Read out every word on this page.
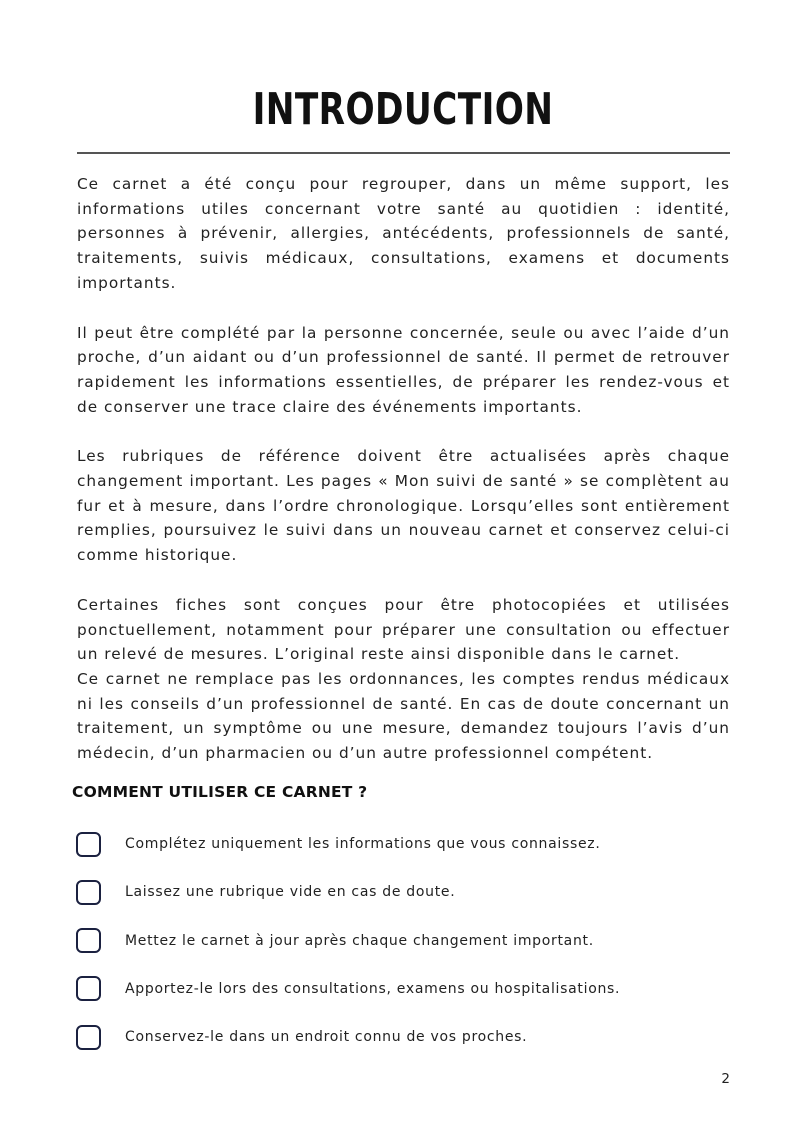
INTRODUCTION

Ce carnet a été conçu pour regrouper, dans un même support, les informations utiles concernant votre santé au quotidien : identité, personnes à prévenir, allergies, antécédents, professionnels de santé, traitements, suivis médicaux, consultations, examens et documents importants.

Il peut être complété par la personne concernée, seule ou avec l’aide d’un proche, d’un aidant ou d’un professionnel de santé. Il permet de retrouver rapidement les informations essentielles, de préparer les rendez-vous et de conserver une trace claire des événements importants.

Les rubriques de référence doivent être actualisées après chaque changement important. Les pages « Mon suivi de santé » se complètent au fur et à mesure, dans l’ordre chronologique. Lorsqu’elles sont entièrement remplies, poursuivez le suivi dans un nouveau carnet et conservez celui-ci comme historique.

Certaines fiches sont conçues pour être photocopiées et utilisées ponctuellement, notamment pour préparer une consultation ou effectuer un relevé de mesures. L’original reste ainsi disponible dans le carnet.

Ce carnet ne remplace pas les ordonnances, les comptes rendus médicaux ni les conseils d’un professionnel de santé. En cas de doute concernant un traitement, un symptôme ou une mesure, demandez toujours l’avis d’un médecin, d’un pharmacien ou d’un autre professionnel compétent.

COMMENT UTILISER CE CARNET ?
Complétez uniquement les informations que vous connaissez.
Laissez une rubrique vide en cas de doute.
Mettez le carnet à jour après chaque changement important.
Apportez-le lors des consultations, examens ou hospitalisations.
Conservez-le dans un endroit connu de vos proches.
2
